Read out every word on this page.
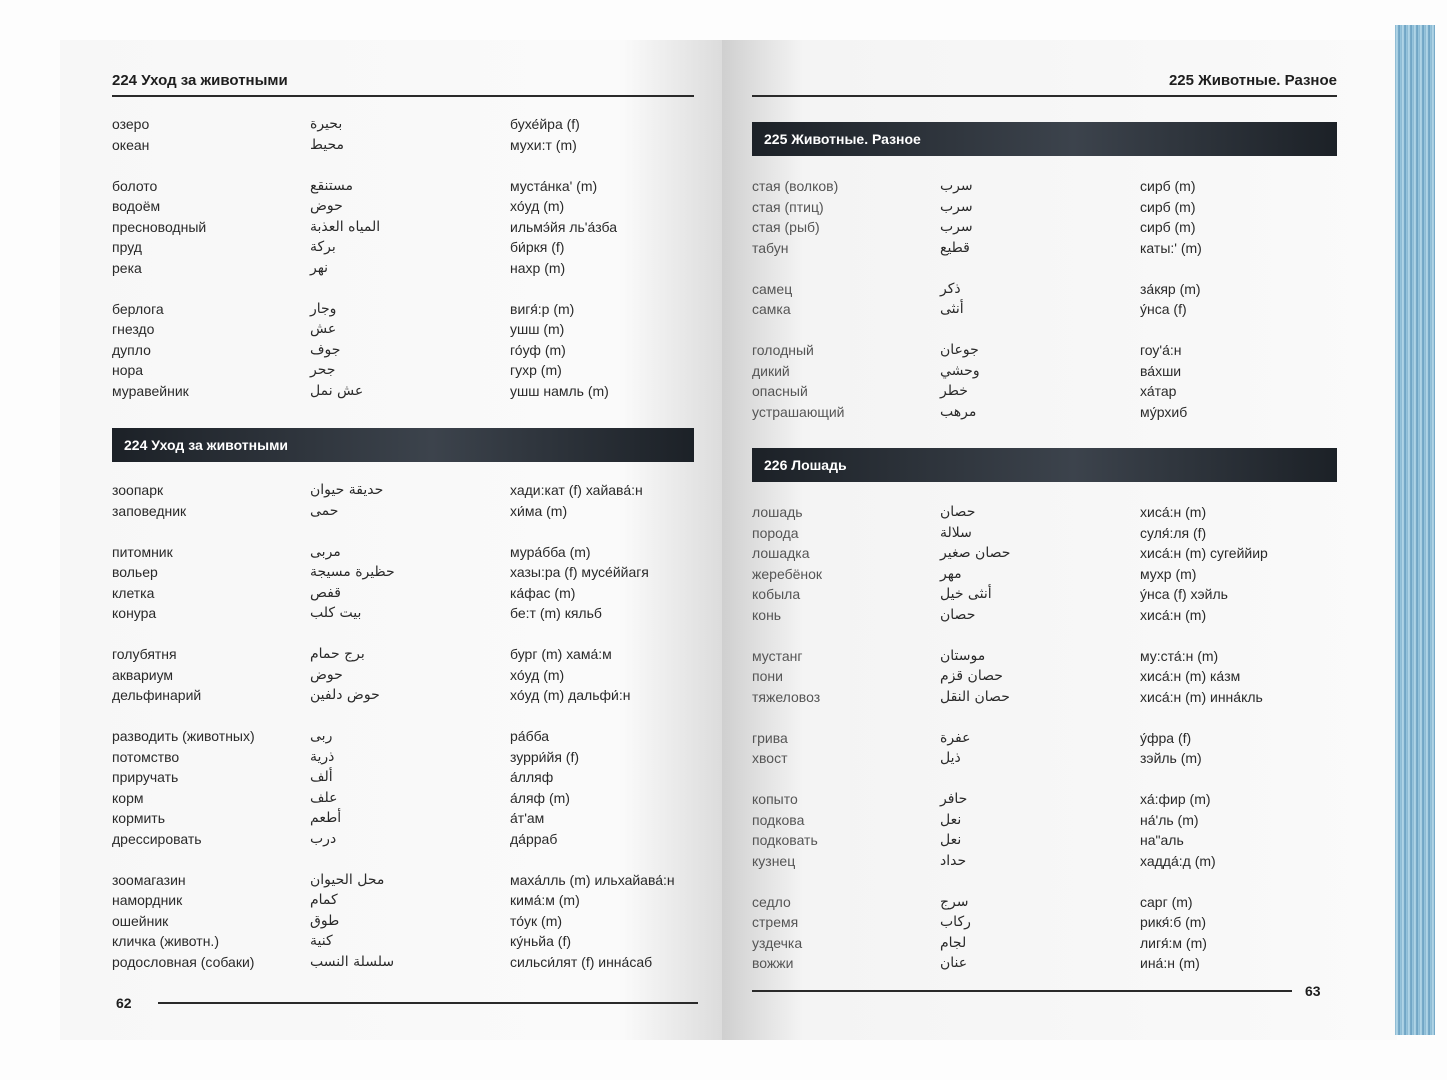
224 Уход за животными
озеро	بحيرة	бухе́йра (f)
океан	محيط	мухи:т (m)
болото	مستنقع	муста́нка' (m)
водоём	حوض	хо́уд (m)
пресноводный	المياه العذبة	ильмэ́йя ль'а́зба
пруд	بركة	би́ркя (f)
река	نهر	нахр (m)
берлога	وجار	вигя́:р (m)
гнездо	عش	ушш (m)
дупло	جوف	го́уф (m)
нора	جحر	гухр (m)
муравейник	عش نمل	ушш намль (m)
224 Уход за животными
зоопарк	حديقة حيوان	хади:кат (f) хайава́:н
заповедник	حمى	хи́ма (m)
питомник	مربى	мура́бба (m)
вольер	حظيرة مسيجة	хазы:ра (f) мусе́ййагя
клетка	قفص	ка́фас (m)
конура	بيت كلب	бе:т (m) кяльб
голубятня	برج حمام	бург (m) хама́:м
аквариум	حوض	хо́уд (m)
дельфинарий	حوض دلفين	хо́уд (m) дальфи́:н
разводить (животных)	ربى	ра́бба
потомство	ذرية	зурри́йя (f)
приручать	ألف	а́лляф
корм	علف	а́ляф (m)
кормить	أطعم	а́т'ам
дрессировать	درب	да́рраб
зоомагазин	محل الحيوان	маха́лль (m) ильхайава́:н
намордник	كمام	кима́:м (m)
ошейник	طوق	то́ук (m)
кличка (животн.)	كنية	ку́ньйа (f)
родословная (собаки)	سلسلة النسب	сильси́лят (f) инна́саб
62
225 Животные. Разное
225 Животные. Разное
стая (волков)	سرب	сирб (m)
стая (птиц)	سرب	сирб (m)
стая (рыб)	سرب	сирб (m)
табун	قطيع	каты:' (m)
самец	ذكر	за́кяр (m)
самка	أنثى	у́нса (f)
голодный	جوعان	гоу'а́:н
дикий	وحشي	ва́хши
опасный	خطر	ха́тар
устрашающий	مرهب	му́рхиб
226 Лошадь
лошадь	حصان	хиса́:н (m)
порода	سلالة	суля́:ля (f)
лошадка	حصان صغير	хиса́:н (m) сугеййир
жеребёнок	مهر	мухр (m)
кобыла	أنثى خيل	у́нса (f) хэйль
конь	حصان	хиса́:н (m)
мустанг	موستان	му:ста́:н (m)
пони	حصان قزم	хиса́:н (m) ка́зм
тяжеловоз	حصان النقل	хиса́:н (m) инна́кль
грива	عفرة	у́фра (f)
хвост	ذيل	зэйль (m)
копыто	حافر	ха́:фир (m)
подкова	نعل	на́'ль (m)
подковать	نعل	на"аль
кузнец	حداد	хадда́:д (m)
седло	سرج	сарг (m)
стремя	ركاب	рикя́:б (m)
уздечка	لجام	лигя́:м (m)
вожжи	عنان	ина́:н (m)
63
